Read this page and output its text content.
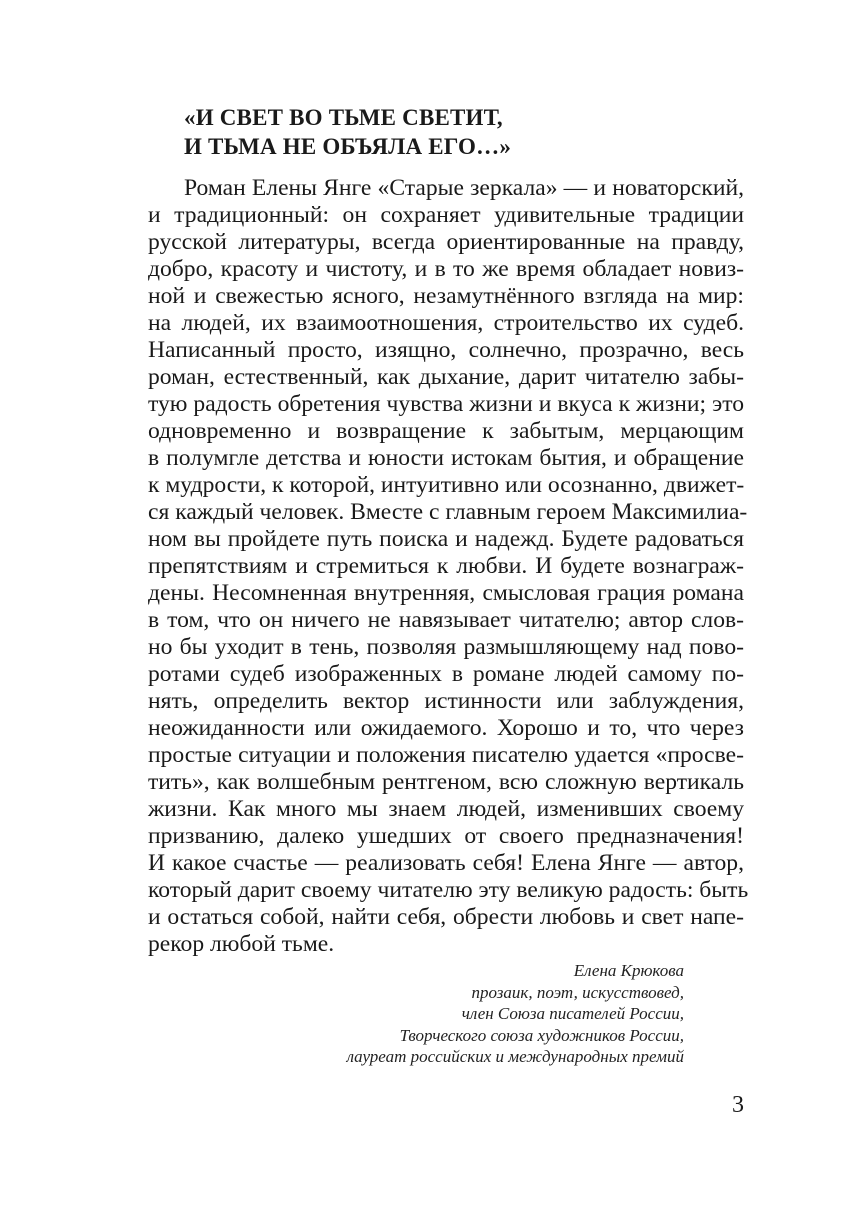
«И СВЕТ ВО ТЬМЕ СВЕТИТ,
И ТЬМА НЕ ОБЪЯЛА ЕГО…»
Роман Елены Янге «Старые зеркала» — и новаторский,
и традиционный: он сохраняет удивительные традиции
русской литературы, всегда ориентированные на правду,
добро, красоту и чистоту, и в то же время обладает новиз-
ной и свежестью ясного, незамутнённого взгляда на мир:
на людей, их взаимоотношения, строительство их судеб.
Написанный просто, изящно, солнечно, прозрачно, весь
роман, естественный, как дыхание, дарит читателю забы-
тую радость обретения чувства жизни и вкуса к жизни; это
одновременно и возвращение к забытым, мерцающим
в полумгле детства и юности истокам бытия, и обращение
к мудрости, к которой, интуитивно или осознанно, движет-
ся каждый человек. Вместе с главным героем Максимилиа-
ном вы пройдете путь поиска и надежд. Будете радоваться
препятствиям и стремиться к любви. И будете вознаграж-
дены. Несомненная внутренняя, смысловая грация романа
в том, что он ничего не навязывает читателю; автор слов-
но бы уходит в тень, позволяя размышляющему над пово-
ротами судеб изображенных в романе людей самому по-
нять, определить вектор истинности или заблуждения,
неожиданности или ожидаемого. Хорошо и то, что через
простые ситуации и положения писателю удается «просве-
тить», как волшебным рентгеном, всю сложную вертикаль
жизни. Как много мы знаем людей, изменивших своему
призванию, далеко ушедших от своего предназначения!
И какое счастье — реализовать себя! Елена Янге — автор,
который дарит своему читателю эту великую радость: быть
и остаться собой, найти себя, обрести любовь и свет напе-
рекор любой тьме.
Елена Крюкова
прозаик, поэт, искусствовед,
член Союза писателей России,
Творческого союза художников России,
лауреат российских и международных премий
3
